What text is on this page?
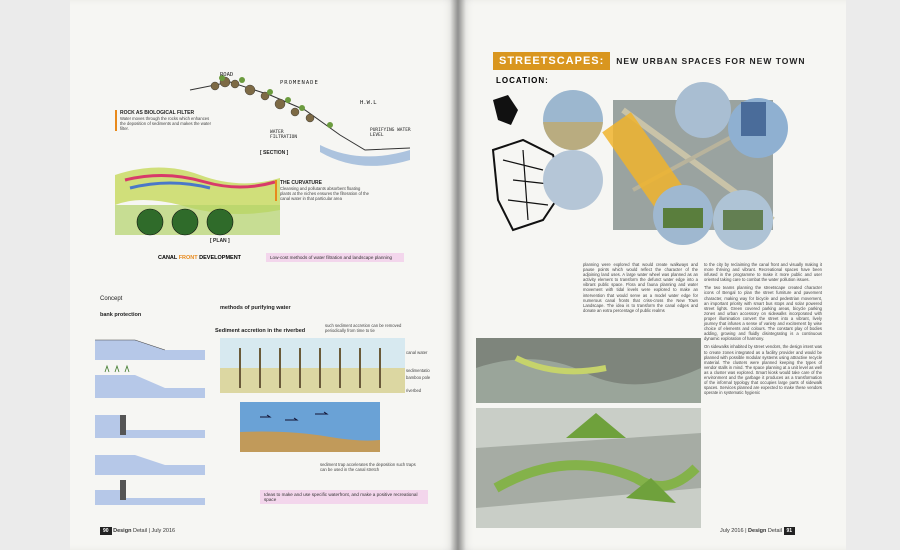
ROAD
PROMENADE
H.W.L
WATER FILTRATION
PURIFYING WATER LEVEL
[ SECTION ]
[ PLAN ]
ROCK AS BIOLOGICAL FILTER
Water moves through the rocks which enhances the deposition of sediments and makes the water filter.
THE CURVATURE
Cleansing and pollutants absorbent floating plants at the niches ensures the filteration of the canal water in that particular area
CANAL FRONT DEVELOPMENT	Low-cost methods of water filtration and landscape planning
Concept
bank protection
methods of purifying water
Sediment accretion in the riverbed
such sediment accretion can be removed periodically from time to tie
canal water
sedimentatio
bamboo pole
riverbed
sediment trap accelerates the deposition such traps can be used in the canal stretch
Ideas to make and use specific waterfront, and make a positive recreational space
90 Design Detail | July 2016
STREETSCAPES:	NEW URBAN SPACES FOR NEW TOWN
LOCATION:

planning were explored that would create walkways and pause points which would reflect the character of the adjoining land uses. A large water wheel was planned as an activity element to transform the defunct water edge into a vibrant public space. Flora and fauna planning and water movement with tidal levels were explored to make an intervention that would serve as a model water edge for numerous canal fronts that criss-cross the New Town Landscape. The idea is to transform the canal edges and donate an extra percentage of public realms

to the city by reclaiming the canal front and visually making it more thriving and vibrant. Recreational spaces have been infused in the programme to make it more public and user oriented taking care to combat the water pollution issues.

The two teams planning the streetscape created character icons of Bengal to plan the street furniture and pavement character, making way for bicycle and pedestrian movement, an important priority with smart bus stops and solar powered street lights. Green covered parking areas, bicycle parking zones and urban accessory on sidewalks incorporated with proper illumination convert the street into a vibrant, lively journey that infuses a sense of variety and excitement by wise choice of elements and colours. The constant play of bodies adding, growing and fluidly disintegrating is a continuous dynamic exploration of harmony.

On sidewalks inhabited by street vendors, the design intent was to create zones integrated as a facility provider and would be planned with possible modular systems using attractive recycle material. The clusters were planned keeping the types of vendor stalls in mind. The space planning at a unit level as well as a cluster was explored. Smart kiosk would take care of the environment and the garbage it produces as a transformation of the informal typology that occupies large parts of sidewalk spaces. Services planned are expected to make these vendors operate in systematic hygienic

July 2016 | Design Detail 91
